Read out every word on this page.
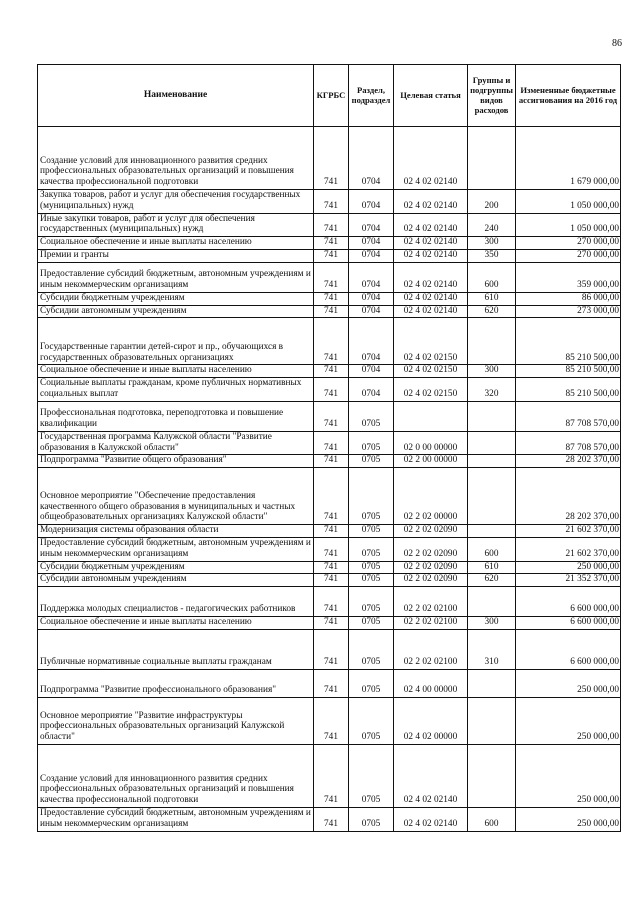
86
Наименование	КГРБС	Раздел, подраздел	Целевая статья	Группы и подгруппы видов расходов	Измененные бюджетные ассигнования на 2016 год
Создание условий для инновационного развития средних профессиональных образовательных организаций и повышения качества профессиональной подготовки	741	0704	02 4 02 02140		1 679 000,00
Закупка товаров, работ и услуг для обеспечения государственных (муниципальных) нужд	741	0704	02 4 02 02140	200	1 050 000,00
Иные закупки товаров, работ и услуг для обеспечения государственных (муниципальных) нужд	741	0704	02 4 02 02140	240	1 050 000,00
Социальное обеспечение и иные выплаты населению	741	0704	02 4 02 02140	300	270 000,00
Премии и гранты	741	0704	02 4 02 02140	350	270 000,00
Предоставление субсидий бюджетным, автономным учреждениям и иным некоммерческим организациям	741	0704	02 4 02 02140	600	359 000,00
Субсидии бюджетным учреждениям	741	0704	02 4 02 02140	610	86 000,00
Субсидии автономным учреждениям	741	0704	02 4 02 02140	620	273 000,00
Государственные гарантии детей-сирот и пр., обучающихся в государственных образовательных организациях	741	0704	02 4 02 02150		85 210 500,00
Социальное обеспечение и иные выплаты населению	741	0704	02 4 02 02150	300	85 210 500,00
Социальные выплаты гражданам, кроме публичных нормативных социальных выплат	741	0704	02 4 02 02150	320	85 210 500,00
Профессиональная подготовка, переподготовка и повышение квалификации	741	0705			87 708 570,00
Государственная программа Калужской области "Развитие образования в Калужской области"	741	0705	02 0 00 00000		87 708 570,00
Подпрограмма "Развитие общего образования"	741	0705	02 2 00 00000		28 202 370,00
Основное мероприятие "Обеспечение предоставления качественного общего образования в муниципальных и частных общеобразовательных организациях Калужской области"	741	0705	02 2 02 00000		28 202 370,00
Модернизация системы образования области	741	0705	02 2 02 02090		21 602 370,00
Предоставление субсидий бюджетным, автономным учреждениям и иным некоммерческим организациям	741	0705	02 2 02 02090	600	21 602 370,00
Субсидии бюджетным учреждениям	741	0705	02 2 02 02090	610	250 000,00
Субсидии автономным учреждениям	741	0705	02 2 02 02090	620	21 352 370,00
Поддержка молодых специалистов - педагогических работников	741	0705	02 2 02 02100		6 600 000,00
Социальное обеспечение и иные выплаты населению	741	0705	02 2 02 02100	300	6 600 000,00
Публичные нормативные социальные выплаты гражданам	741	0705	02 2 02 02100	310	6 600 000,00
Подпрограмма "Развитие профессионального образования"	741	0705	02 4 00 00000		250 000,00
Основное мероприятие "Развитие инфраструктуры профессиональных образовательных организаций Калужской области"	741	0705	02 4 02 00000		250 000,00
Создание условий для инновационного развития средних профессиональных образовательных организаций и повышения качества профессиональной подготовки	741	0705	02 4 02 02140		250 000,00
Предоставление субсидий бюджетным, автономным учреждениям и иным некоммерческим организациям	741	0705	02 4 02 02140	600	250 000,00
